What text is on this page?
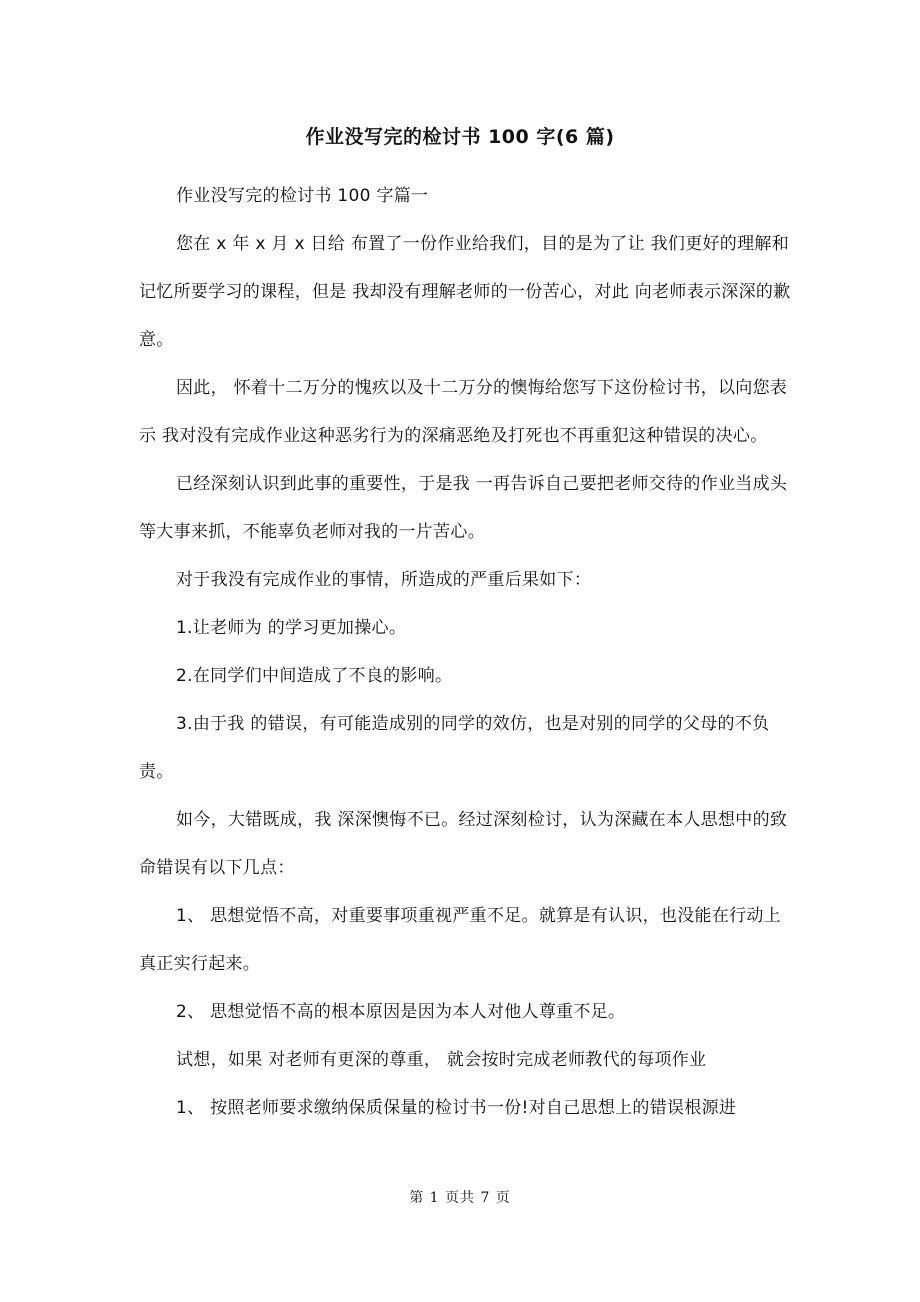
作业没写完的检讨书 100 字(6 篇)

作业没写完的检讨书 100 字篇一

您在 x 年 x 月 x 日给 布置了一份作业给我们，目的是为了让 我们更好的理解和记忆所要学习的课程，但是 我却没有理解老师的一份苦心，对此 向老师表示深深的歉意。

因此， 怀着十二万分的愧疚以及十二万分的懊悔给您写下这份检讨书，以向您表示 我对没有完成作业这种恶劣行为的深痛恶绝及打死也不再重犯这种错误的决心。

已经深刻认识到此事的重要性，于是我 一再告诉自己要把老师交待的作业当成头等大事来抓，不能辜负老师对我的一片苦心。

对于我没有完成作业的事情，所造成的严重后果如下：

1.让老师为 的学习更加操心。

2.在同学们中间造成了不良的影响。

3.由于我 的错误，有可能造成别的同学的效仿，也是对别的同学的父母的不负责。

如今，大错既成，我 深深懊悔不已。经过深刻检讨，认为深藏在本人思想中的致命错误有以下几点：

1、 思想觉悟不高，对重要事项重视严重不足。就算是有认识，也没能在行动上真正实行起来。

2、 思想觉悟不高的根本原因是因为本人对他人尊重不足。

试想，如果 对老师有更深的尊重， 就会按时完成老师教代的每项作业

1、 按照老师要求缴纳保质保量的检讨书一份!对自己思想上的错误根源进

第 1 页共 7 页
